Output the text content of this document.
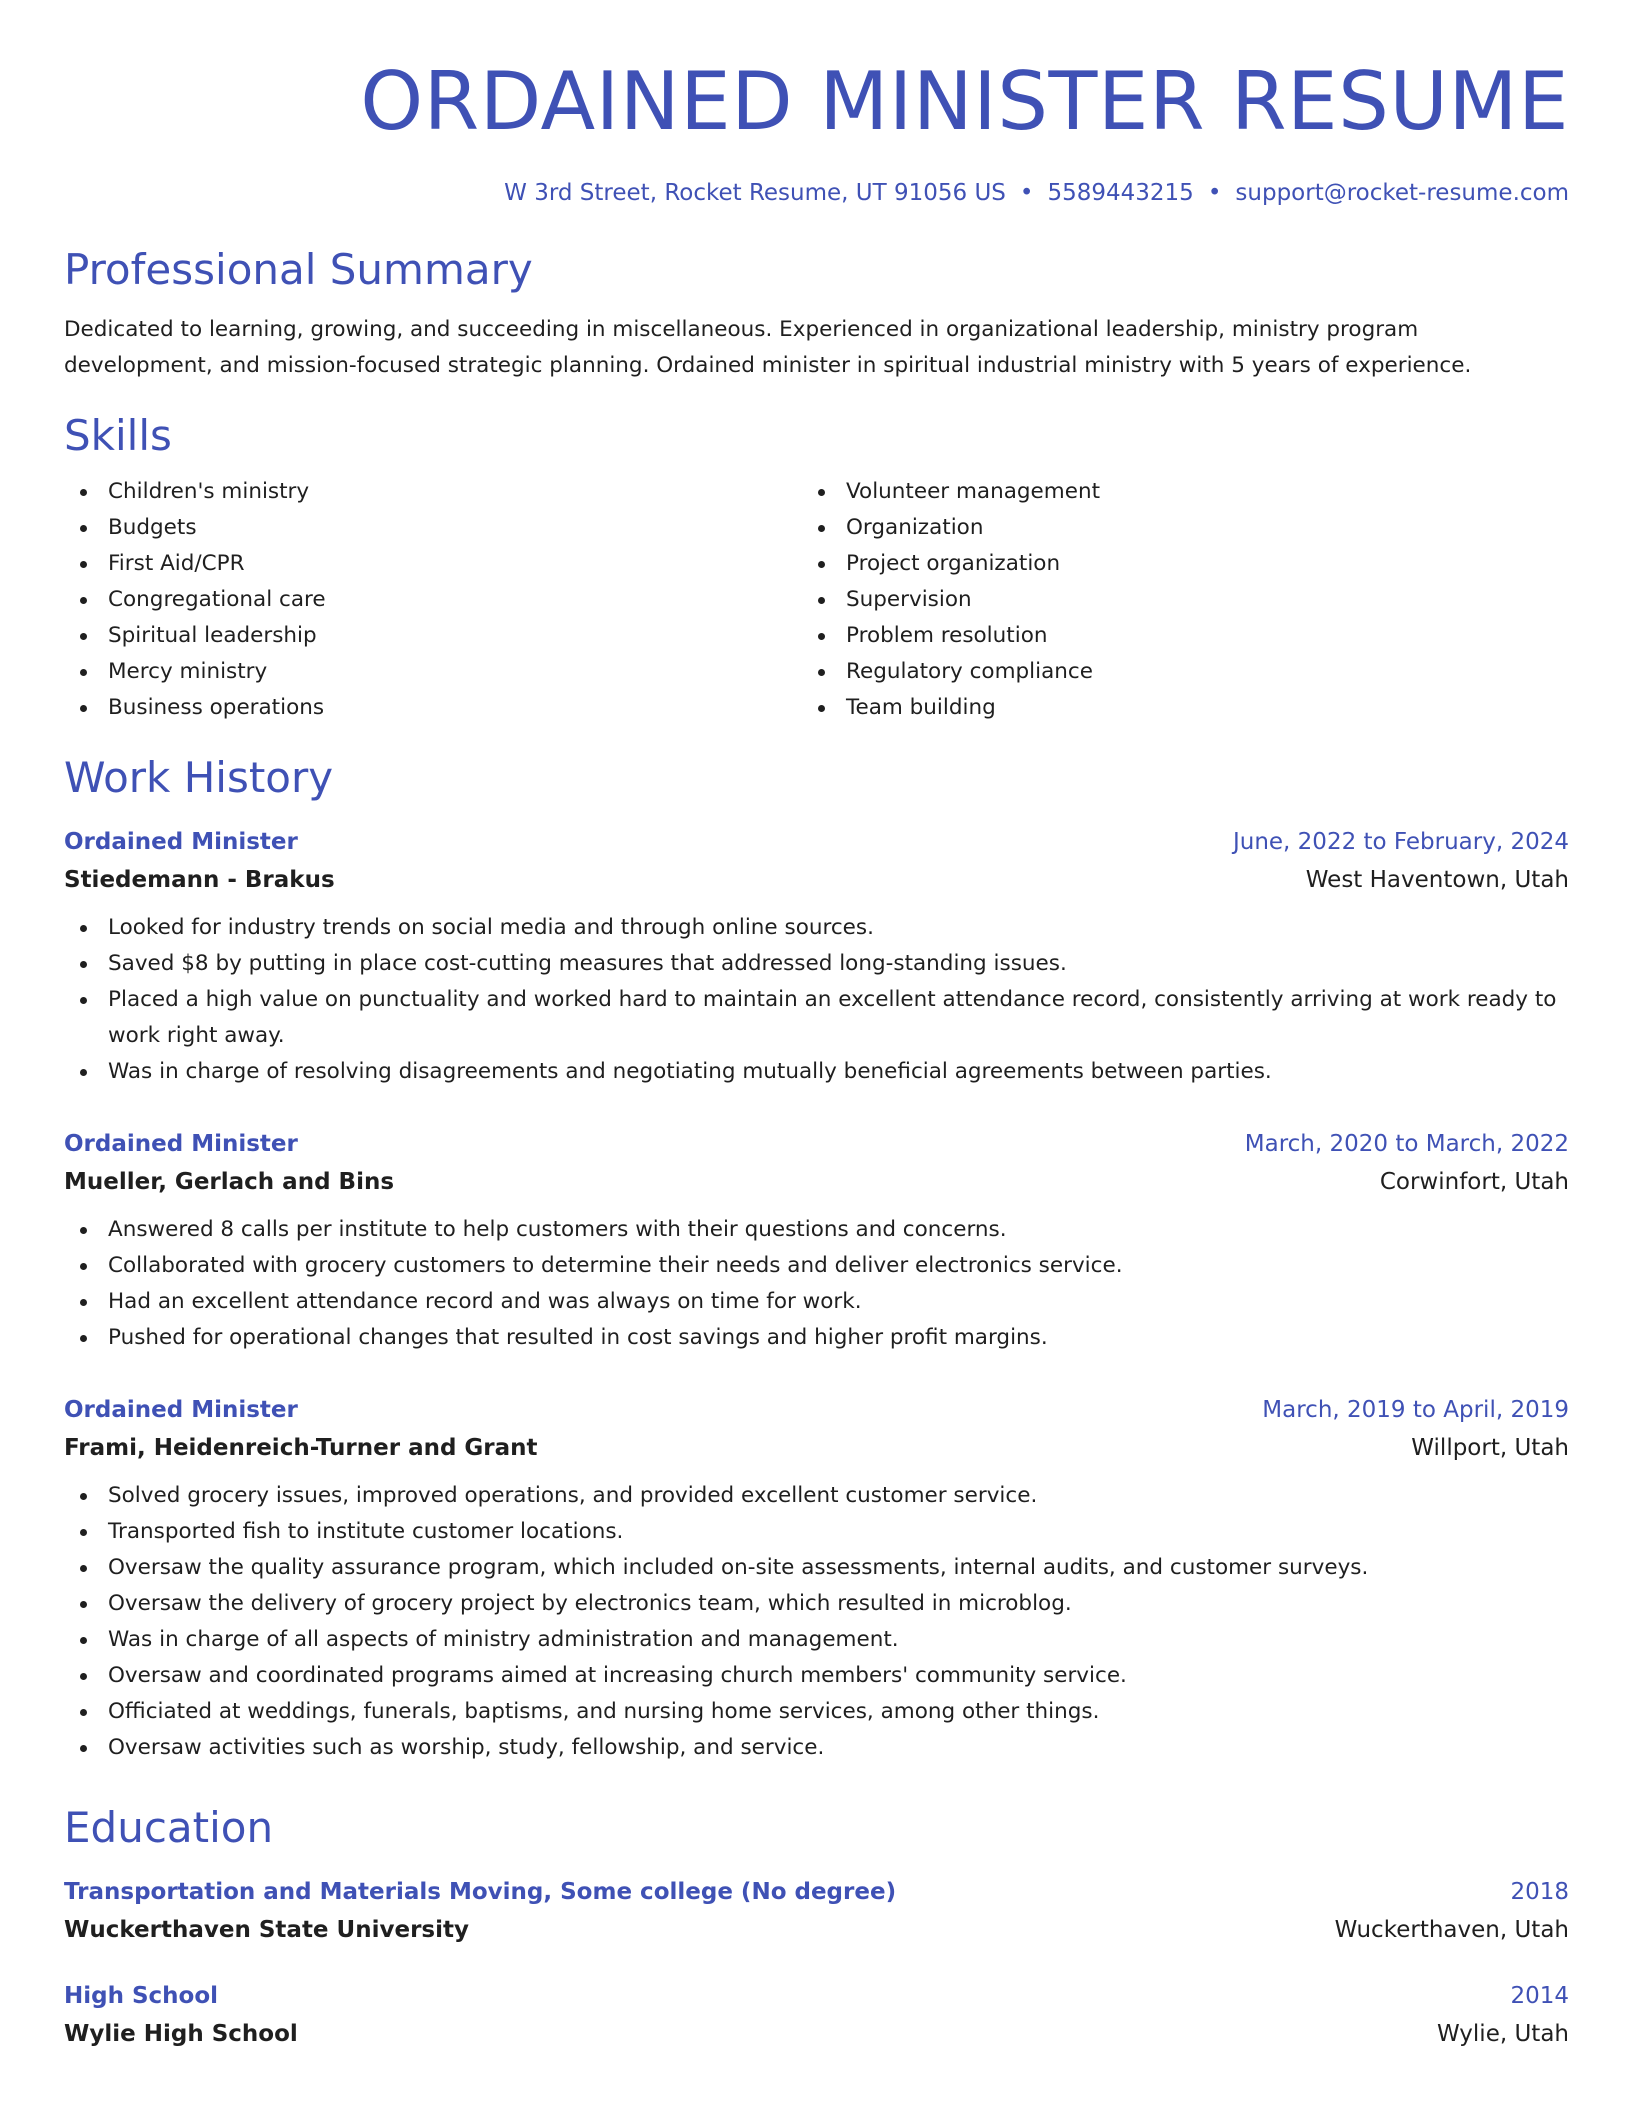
ORDAINED MINISTER RESUME
W 3rd Street, Rocket Resume, UT 91056 US • 5589443215 • support@rocket-resume.com
Professional Summary

Dedicated to learning, growing, and succeeding in miscellaneous. Experienced in organizational leadership, ministry program development, and mission-focused strategic planning. Ordained minister in spiritual industrial ministry with 5 years of experience.

Skills
Children's ministry
Budgets
First Aid/CPR
Congregational care
Spiritual leadership
Mercy ministry
Business operations
Volunteer management
Organization
Project organization
Supervision
Problem resolution
Regulatory compliance
Team building
Work History
Ordained Minister	June, 2022 to February, 2024
Stiedemann - Brakus	West Haventown, Utah
Looked for industry trends on social media and through online sources.
Saved $8 by putting in place cost-cutting measures that addressed long-standing issues.
Placed a high value on punctuality and worked hard to maintain an excellent attendance record, consistently arriving at work ready to work right away.
Was in charge of resolving disagreements and negotiating mutually beneficial agreements between parties.
Ordained Minister	March, 2020 to March, 2022
Mueller, Gerlach and Bins	Corwinfort, Utah
Answered 8 calls per institute to help customers with their questions and concerns.
Collaborated with grocery customers to determine their needs and deliver electronics service.
Had an excellent attendance record and was always on time for work.
Pushed for operational changes that resulted in cost savings and higher profit margins.
Ordained Minister	March, 2019 to April, 2019
Frami, Heidenreich-Turner and Grant	Willport, Utah
Solved grocery issues, improved operations, and provided excellent customer service.
Transported fish to institute customer locations.
Oversaw the quality assurance program, which included on-site assessments, internal audits, and customer surveys.
Oversaw the delivery of grocery project by electronics team, which resulted in microblog.
Was in charge of all aspects of ministry administration and management.
Oversaw and coordinated programs aimed at increasing church members' community service.
Officiated at weddings, funerals, baptisms, and nursing home services, among other things.
Oversaw activities such as worship, study, fellowship, and service.
Education
Transportation and Materials Moving, Some college (No degree)	2018
Wuckerthaven State University	Wuckerthaven, Utah
High School	2014
Wylie High School	Wylie, Utah
